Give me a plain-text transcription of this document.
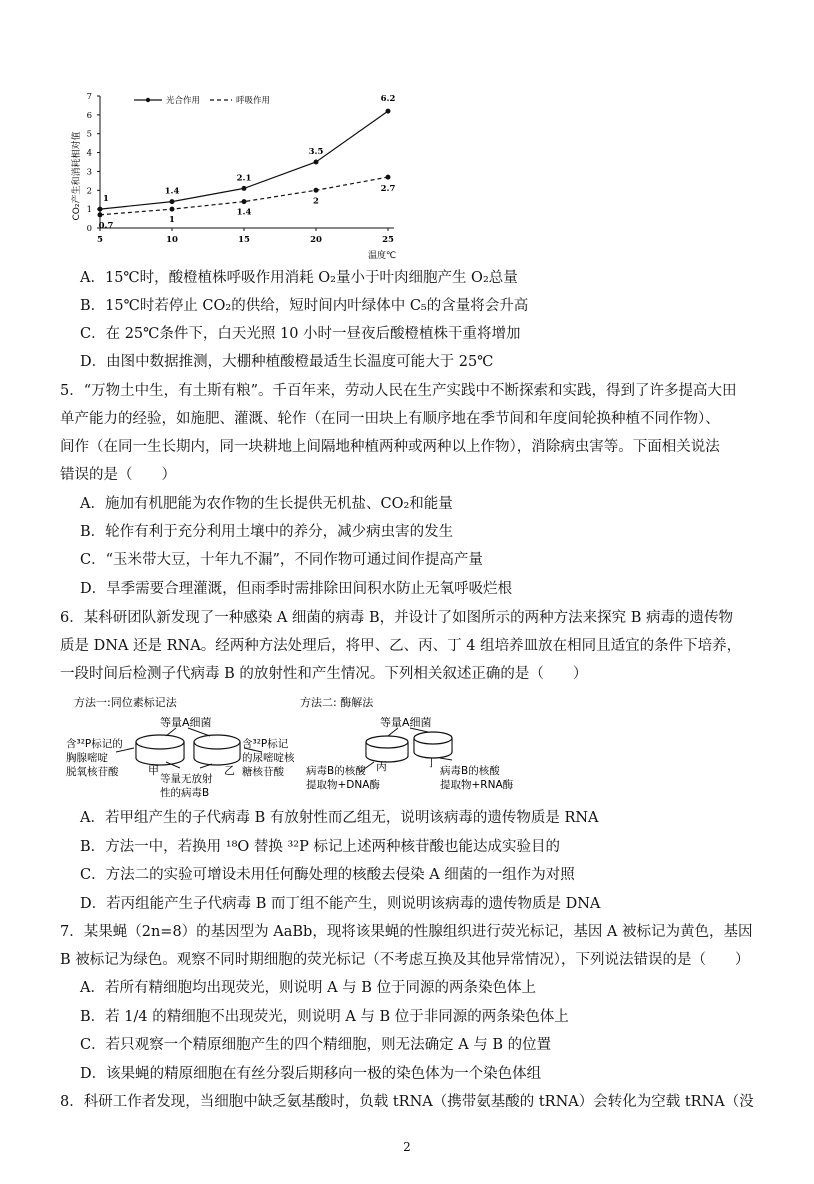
0
1
2
3
4
5
6
7
5	10	15	20	25
1
1.4
2.1
3.5
6.2
0.7
1
1.4
2
2.7
光合作用	呼吸作用
CO₂产生和消耗相对值
温度℃
A．15℃时，酸橙植株呼吸作用消耗 O₂量小于叶肉细胞产生 O₂总量
B．15℃时若停止 CO₂的供给，短时间内叶绿体中 C₅的含量将会升高
C．在 25℃条件下，白天光照 10 小时一昼夜后酸橙植株干重将增加
D．由图中数据推测，大棚种植酸橙最适生长温度可能大于 25℃
5．“万物土中生，有土斯有粮”。千百年来，劳动人民在生产实践中不断探索和实践，得到了许多提高大田
单产能力的经验，如施肥、灌溉、轮作（在同一田块上有顺序地在季节间和年度间轮换种植不同作物）、
间作（在同一生长期内，同一块耕地上间隔地种植两种或两种以上作物），消除病虫害等。下面相关说法
错误的是（　　）
A．施加有机肥能为农作物的生长提供无机盐、CO₂和能量
B．轮作有利于充分利用土壤中的养分，减少病虫害的发生
C．“玉米带大豆，十年九不漏”，不同作物可通过间作提高产量
D．旱季需要合理灌溉，但雨季时需排除田间积水防止无氧呼吸烂根
6．某科研团队新发现了一种感染 A 细菌的病毒 B，并设计了如图所示的两种方法来探究 B 病毒的遗传物
质是 DNA 还是 RNA。经两种方法处理后，将甲、乙、丙、丁 4 组培养皿放在相同且适宜的条件下培养，
一段时间后检测子代病毒 B 的放射性和产生情况。下列相关叙述正确的是（　　）
方法一:同位素标记法	方法二: 酶解法
等量A细菌	等量A细菌
含³²P标记的
胸腺嘧啶
脱氧核苷酸	甲	乙
等量无放射
性的病毒B
含³²P标记
的尿嘧啶核
糖核苷酸	丙	丁
病毒B的核酸
提取物+DNA酶
病毒B的核酸
提取物+RNA酶
A．若甲组产生的子代病毒 B 有放射性而乙组无，说明该病毒的遗传物质是 RNA
B．方法一中，若换用 ¹⁸O 替换 ³²P 标记上述两种核苷酸也能达成实验目的
C．方法二的实验可增设未用任何酶处理的核酸去侵染 A 细菌的一组作为对照
D．若丙组能产生子代病毒 B 而丁组不能产生，则说明该病毒的遗传物质是 DNA
7．某果蝇（2n=8）的基因型为 AaBb，现将该果蝇的性腺组织进行荧光标记，基因 A 被标记为黄色，基因
B 被标记为绿色。观察不同时期细胞的荧光标记（不考虑互换及其他异常情况），下列说法错误的是（　　）
A．若所有精细胞均出现荧光，则说明 A 与 B 位于同源的两条染色体上
B．若 1/4 的精细胞不出现荧光，则说明 A 与 B 位于非同源的两条染色体上
C．若只观察一个精原细胞产生的四个精细胞，则无法确定 A 与 B 的位置
D．该果蝇的精原细胞在有丝分裂后期移向一极的染色体为一个染色体组
8．科研工作者发现，当细胞中缺乏氨基酸时，负载 tRNA（携带氨基酸的 tRNA）会转化为空载 tRNA（没
2
